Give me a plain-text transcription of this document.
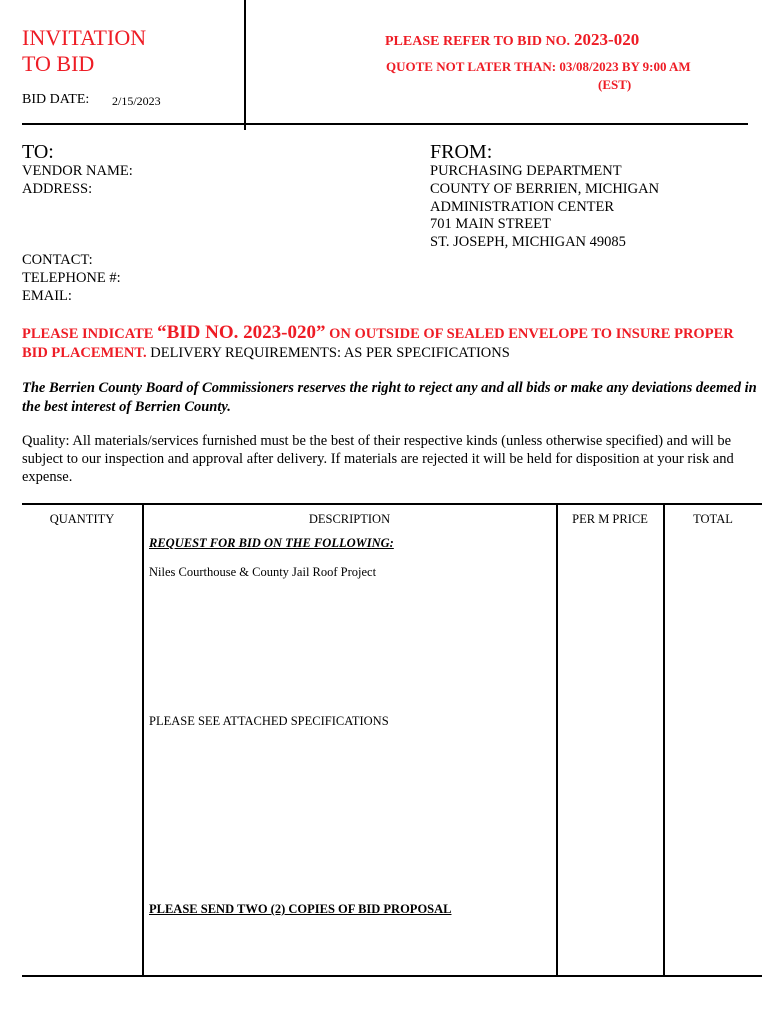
INVITATION
TO BID
BID DATE: 2/15/2023
PLEASE REFER TO BID NO. 2023-020
QUOTE NOT LATER THAN: 03/08/2023 BY 9:00 AM
(EST)
TO:
VENDOR NAME:
ADDRESS:
CONTACT:
TELEPHONE #:
EMAIL:
FROM:
PURCHASING DEPARTMENT
COUNTY OF BERRIEN, MICHIGAN
ADMINISTRATION CENTER
701 MAIN STREET
ST. JOSEPH, MICHIGAN 49085
PLEASE INDICATE “BID NO. 2023-020” ON OUTSIDE OF SEALED ENVELOPE TO INSURE PROPER BID PLACEMENT. DELIVERY REQUIREMENTS: AS PER SPECIFICATIONS
The Berrien County Board of Commissioners reserves the right to reject any and all bids or make any deviations deemed in the best interest of Berrien County.
Quality: All materials/services furnished must be the best of their respective kinds (unless otherwise specified) and will be subject to our inspection and approval after delivery. If materials are rejected it will be held for disposition at your risk and expense.
QUANTITY	DESCRIPTION	PER M PRICE	TOTAL
REQUEST FOR BID ON THE FOLLOWING:
Niles Courthouse & County Jail Roof Project
PLEASE SEE ATTACHED SPECIFICATIONS
PLEASE SEND TWO (2) COPIES OF BID PROPOSAL
